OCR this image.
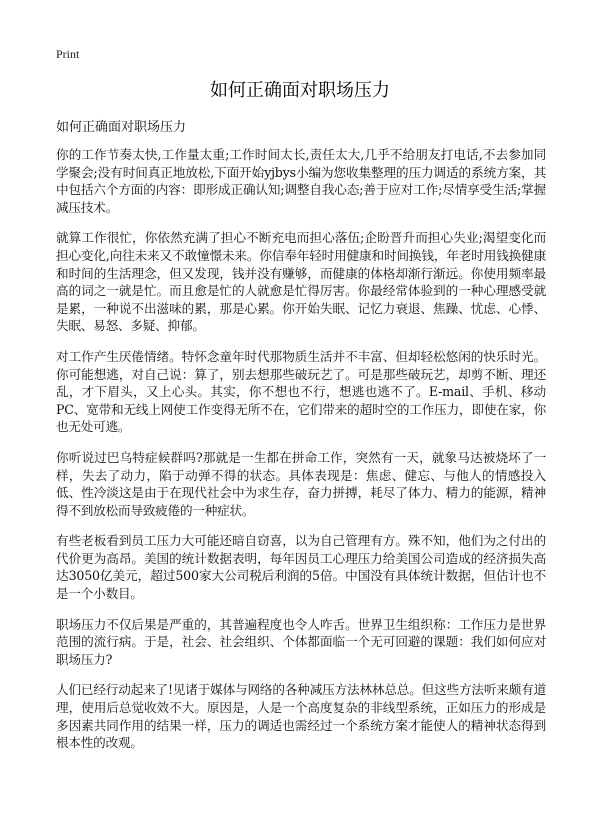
Print
如何正确面对职场压力

如何正确面对职场压力

你的工作节奏太快,工作量太重;工作时间太长,责任太大,几乎不给朋友打电话,不去参加同学聚会;没有时间真正地放松,下面开始yjbys小编为您收集整理的压力调适的系统方案，其中包括六个方面的内容：即形成正确认知;调整自我心态;善于应对工作;尽情享受生活;掌握减压技术。

就算工作很忙，你依然充满了担心不断充电而担心落伍;企盼晋升而担心失业;渴望变化而担心变化,向往未来又不敢憧憬未来。你信奉年轻时用健康和时间换钱，年老时用钱换健康和时间的生活理念，但又发现，钱并没有赚够，而健康的体格却渐行渐远。你使用频率最高的词之一就是忙。而且愈是忙的人就愈是忙得厉害。你最经常体验到的一种心理感受就是累，一种说不出滋味的累，那是心累。你开始失眠、记忆力衰退、焦躁、忧虑、心悸、失眠、易怒、多疑、抑郁。

对工作产生厌倦情绪。特怀念童年时代那物质生活并不丰富、但却轻松悠闲的快乐时光。你可能想逃，对自己说：算了，别去想那些破玩艺了。可是那些破玩艺，却剪不断、理还乱，才下眉头，又上心头。其实，你不想也不行，想逃也逃不了。E-mail、手机、移动PC、宽带和无线上网使工作变得无所不在，它们带来的超时空的工作压力，即使在家，你也无处可逃。

你听说过巴乌特症候群吗?那就是一生都在拼命工作，突然有一天，就象马达被烧坏了一样，失去了动力，陷于动弹不得的状态。具体表现是：焦虑、健忘、与他人的情感投入低、性冷淡这是由于在现代社会中为求生存，奋力拼搏，耗尽了体力、精力的能源，精神得不到放松而导致疲倦的一种症状。

有些老板看到员工压力大可能还暗自窃喜，以为自己管理有方。殊不知，他们为之付出的代价更为高昂。美国的统计数据表明，每年因员工心理压力给美国公司造成的经济损失高达3050亿美元，超过500家大公司税后利润的5倍。中国没有具体统计数据，但估计也不是一个小数目。

职场压力不仅后果是严重的，其普遍程度也令人咋舌。世界卫生组织称：工作压力是世界范围的流行病。于是，社会、社会组织、个体都面临一个无可回避的课题：我们如何应对职场压力?

人们已经行动起来了!见诸于媒体与网络的各种减压方法林林总总。但这些方法听来颇有道理，使用后总觉收效不大。原因是，人是一个高度复杂的非线型系统，正如压力的形成是多因素共同作用的结果一样，压力的调适也需经过一个系统方案才能使人的精神状态得到根本性的改观。
